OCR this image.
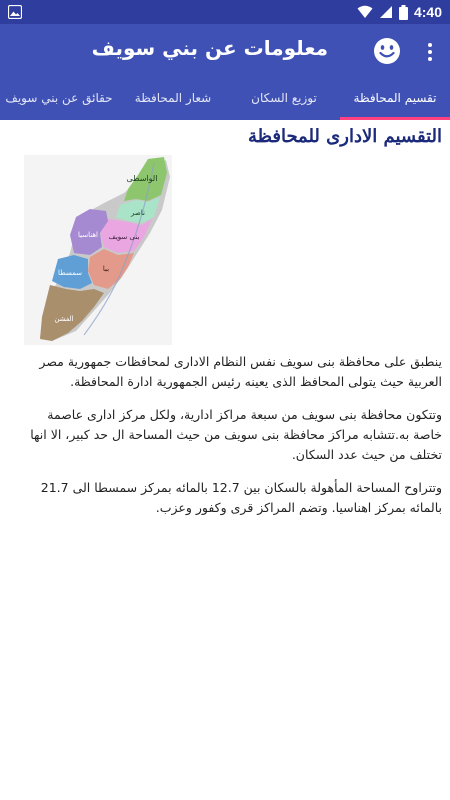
4:40
معلومات عن بني سويف
تقسيم المحافظة
توزيع السكان
شعار المحافظة
حقائق عن بني سويف
التقسيم الادارى للمحافظة
الواسطى
ناصر
بنى سويف
اهناسيا
ببا
سمسطا
الفشن

ينطبق على محافظة بنى سويف نفس النظام الادارى لمحافظات جمهورية مصر العربية حيث يتولى المحافظ الذى يعينه رئيس الجمهورية ادارة المحافظة.

وتتكون محافظة بنى سويف من سبعة مراكز ادارية، ولكل مركز ادارى عاصمة خاصة به.تتشابه مراكز محافظة بنى سويف من حيث المساحة ال حد كبير، الا انها تختلف من حيث عدد السكان.

وتتراوح المساحة المأهولة بالسكان بين 12.7 بالمائه بمركز سمسطا الى 21.7 بالمائه بمركز اهناسيا. وتضم المراكز قرى وكفور وعزب.
